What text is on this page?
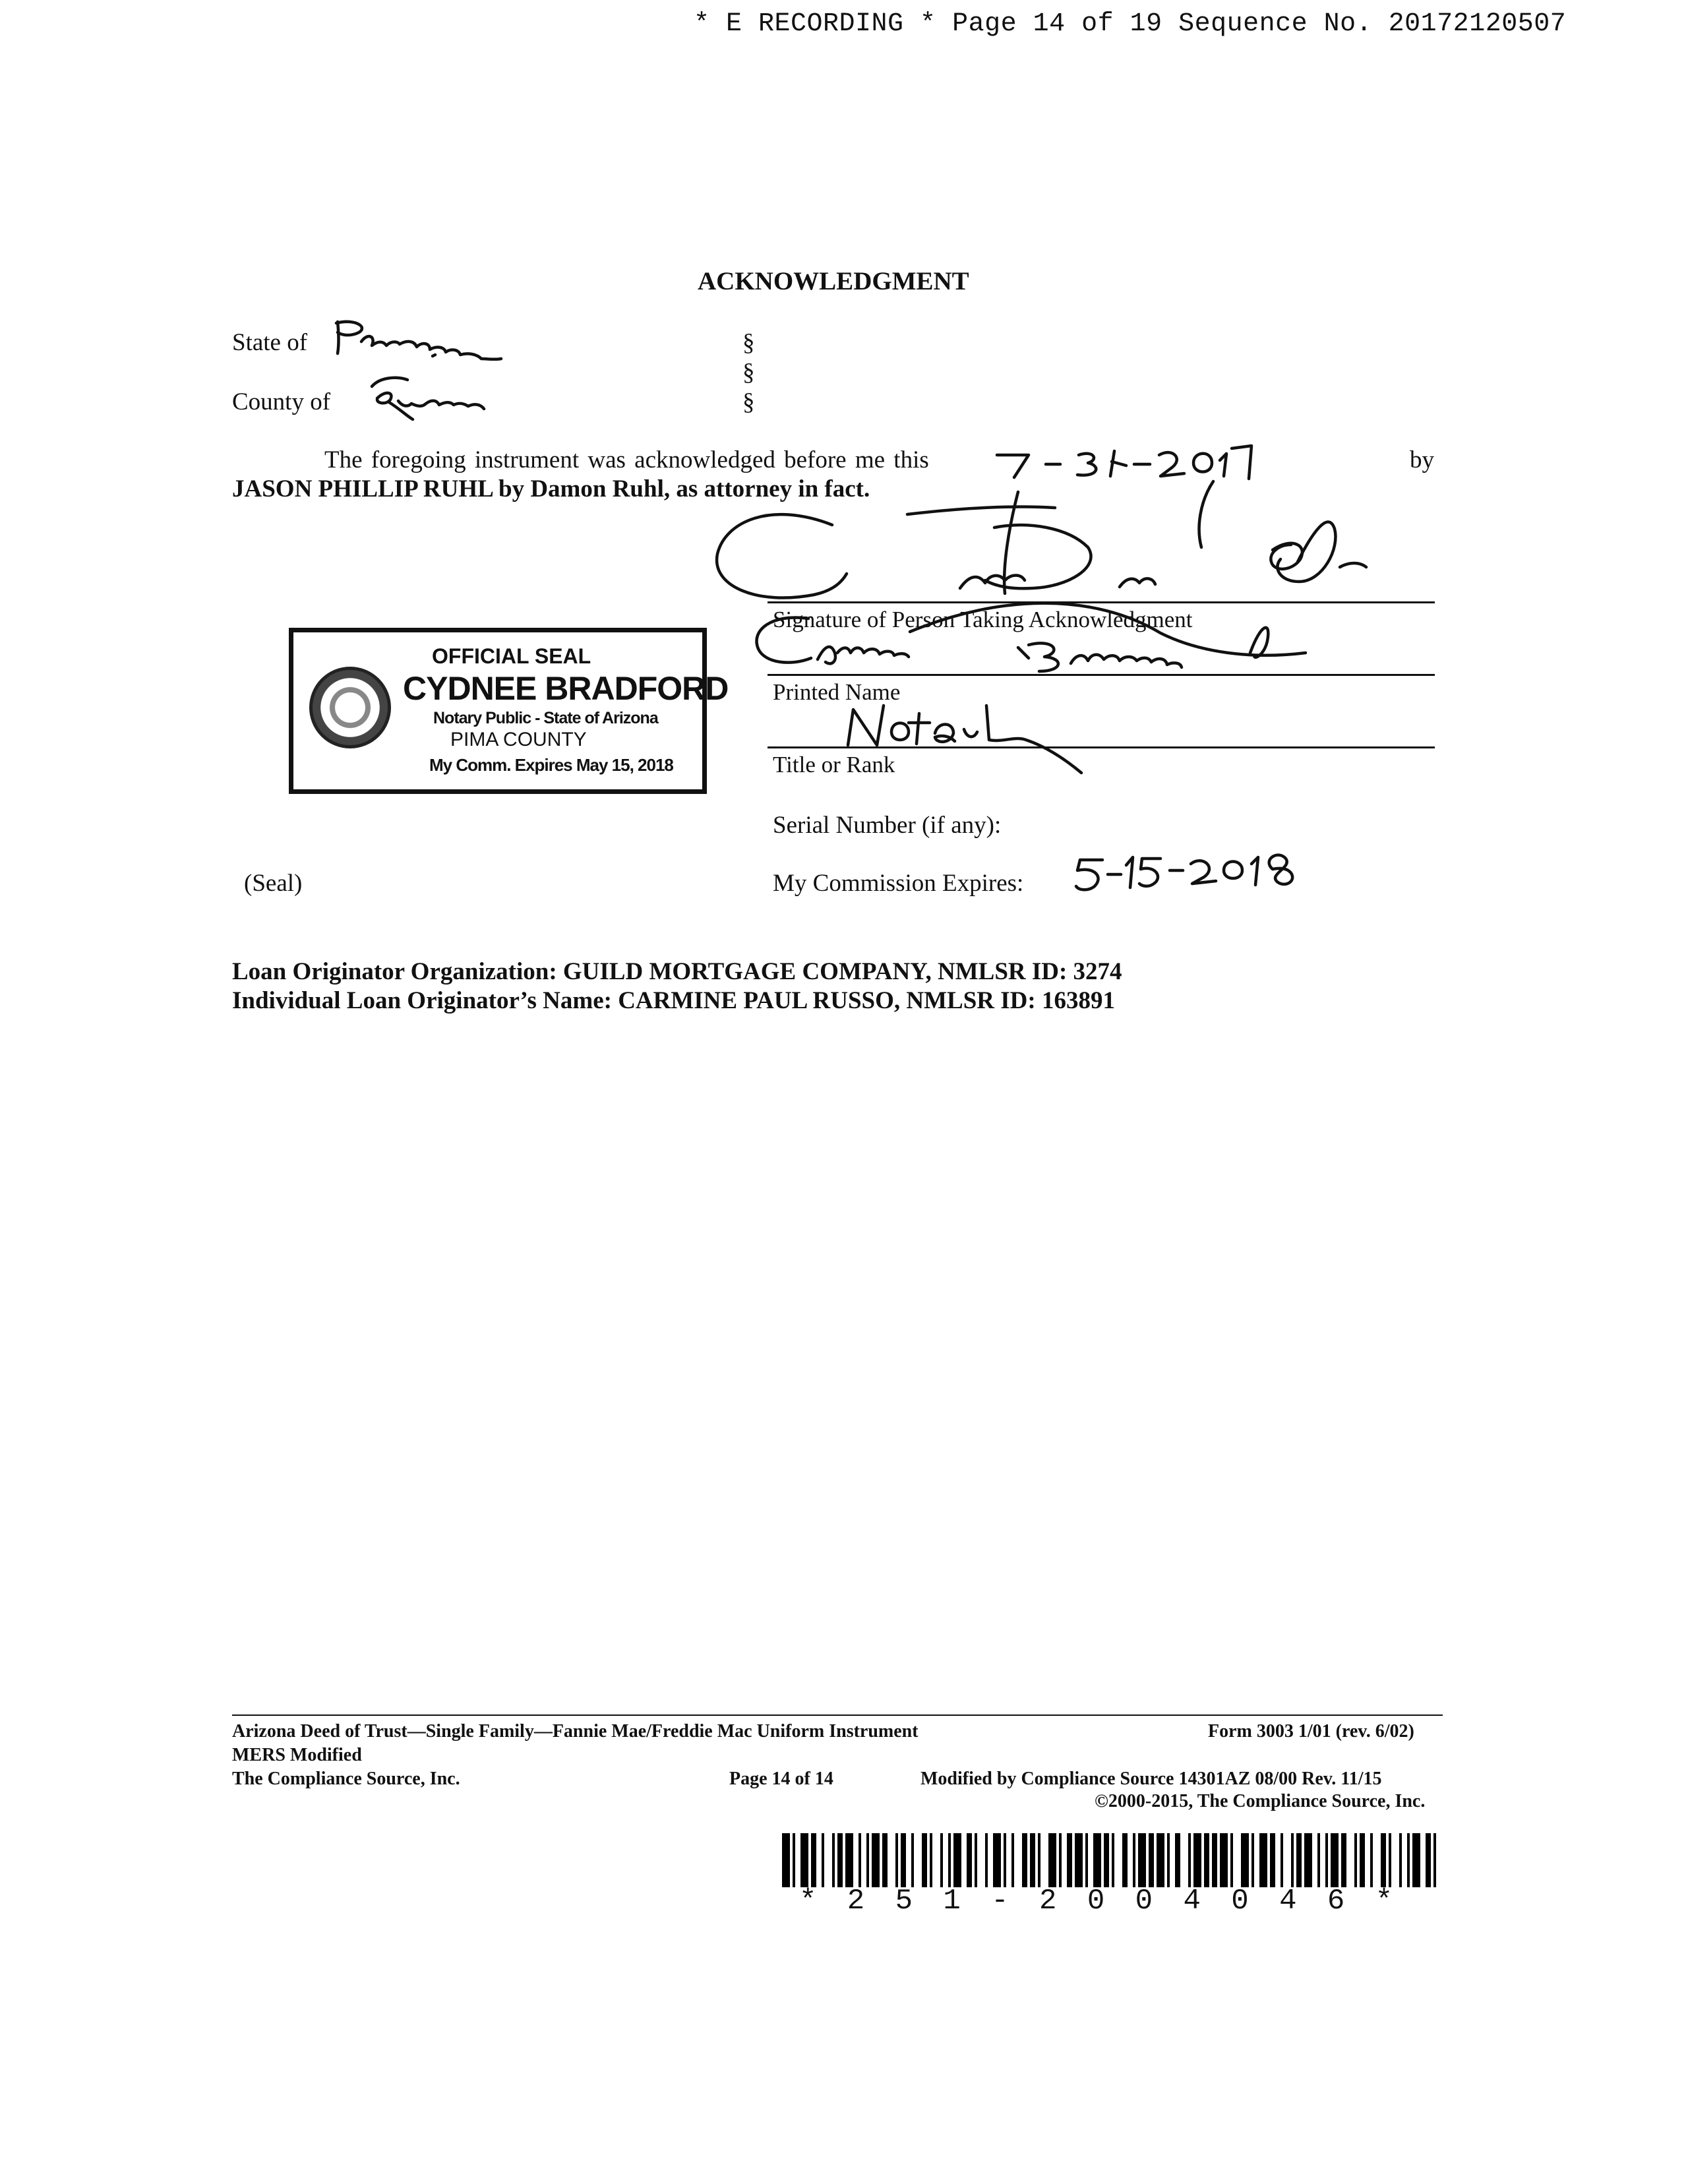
* E RECORDING * Page 14 of 19 Sequence No. 20172120507
ACKNOWLEDGMENT
State of
County of
§
§
§
The foregoing instrument was acknowledged before me this	by
JASON PHILLIP RUHL by Damon Ruhl, as attorney in fact.
OFFICIAL SEAL
CYDNEE BRADFORD
Notary Public - State of Arizona
PIMA COUNTY
My Comm. Expires May 15, 2018
Signature of Person Taking Acknowledgment
Printed Name
Title or Rank
Serial Number (if any):
My Commission Expires:
(Seal)
Loan Originator Organization: GUILD MORTGAGE COMPANY, NMLSR ID: 3274
Individual Loan Originator’s Name: CARMINE PAUL RUSSO, NMLSR ID: 163891
Arizona Deed of Trust—Single Family—Fannie Mae/Freddie Mac Uniform Instrument	Form 3003 1/01 (rev. 6/02)
MERS Modified
The Compliance Source, Inc.	Page 14 of 14	Modified by Compliance Source 14301AZ 08/00 Rev. 11/15
©2000-2015, The Compliance Source, Inc.
* 2 5 1 - 2 0 0 4 0 4 6 *
